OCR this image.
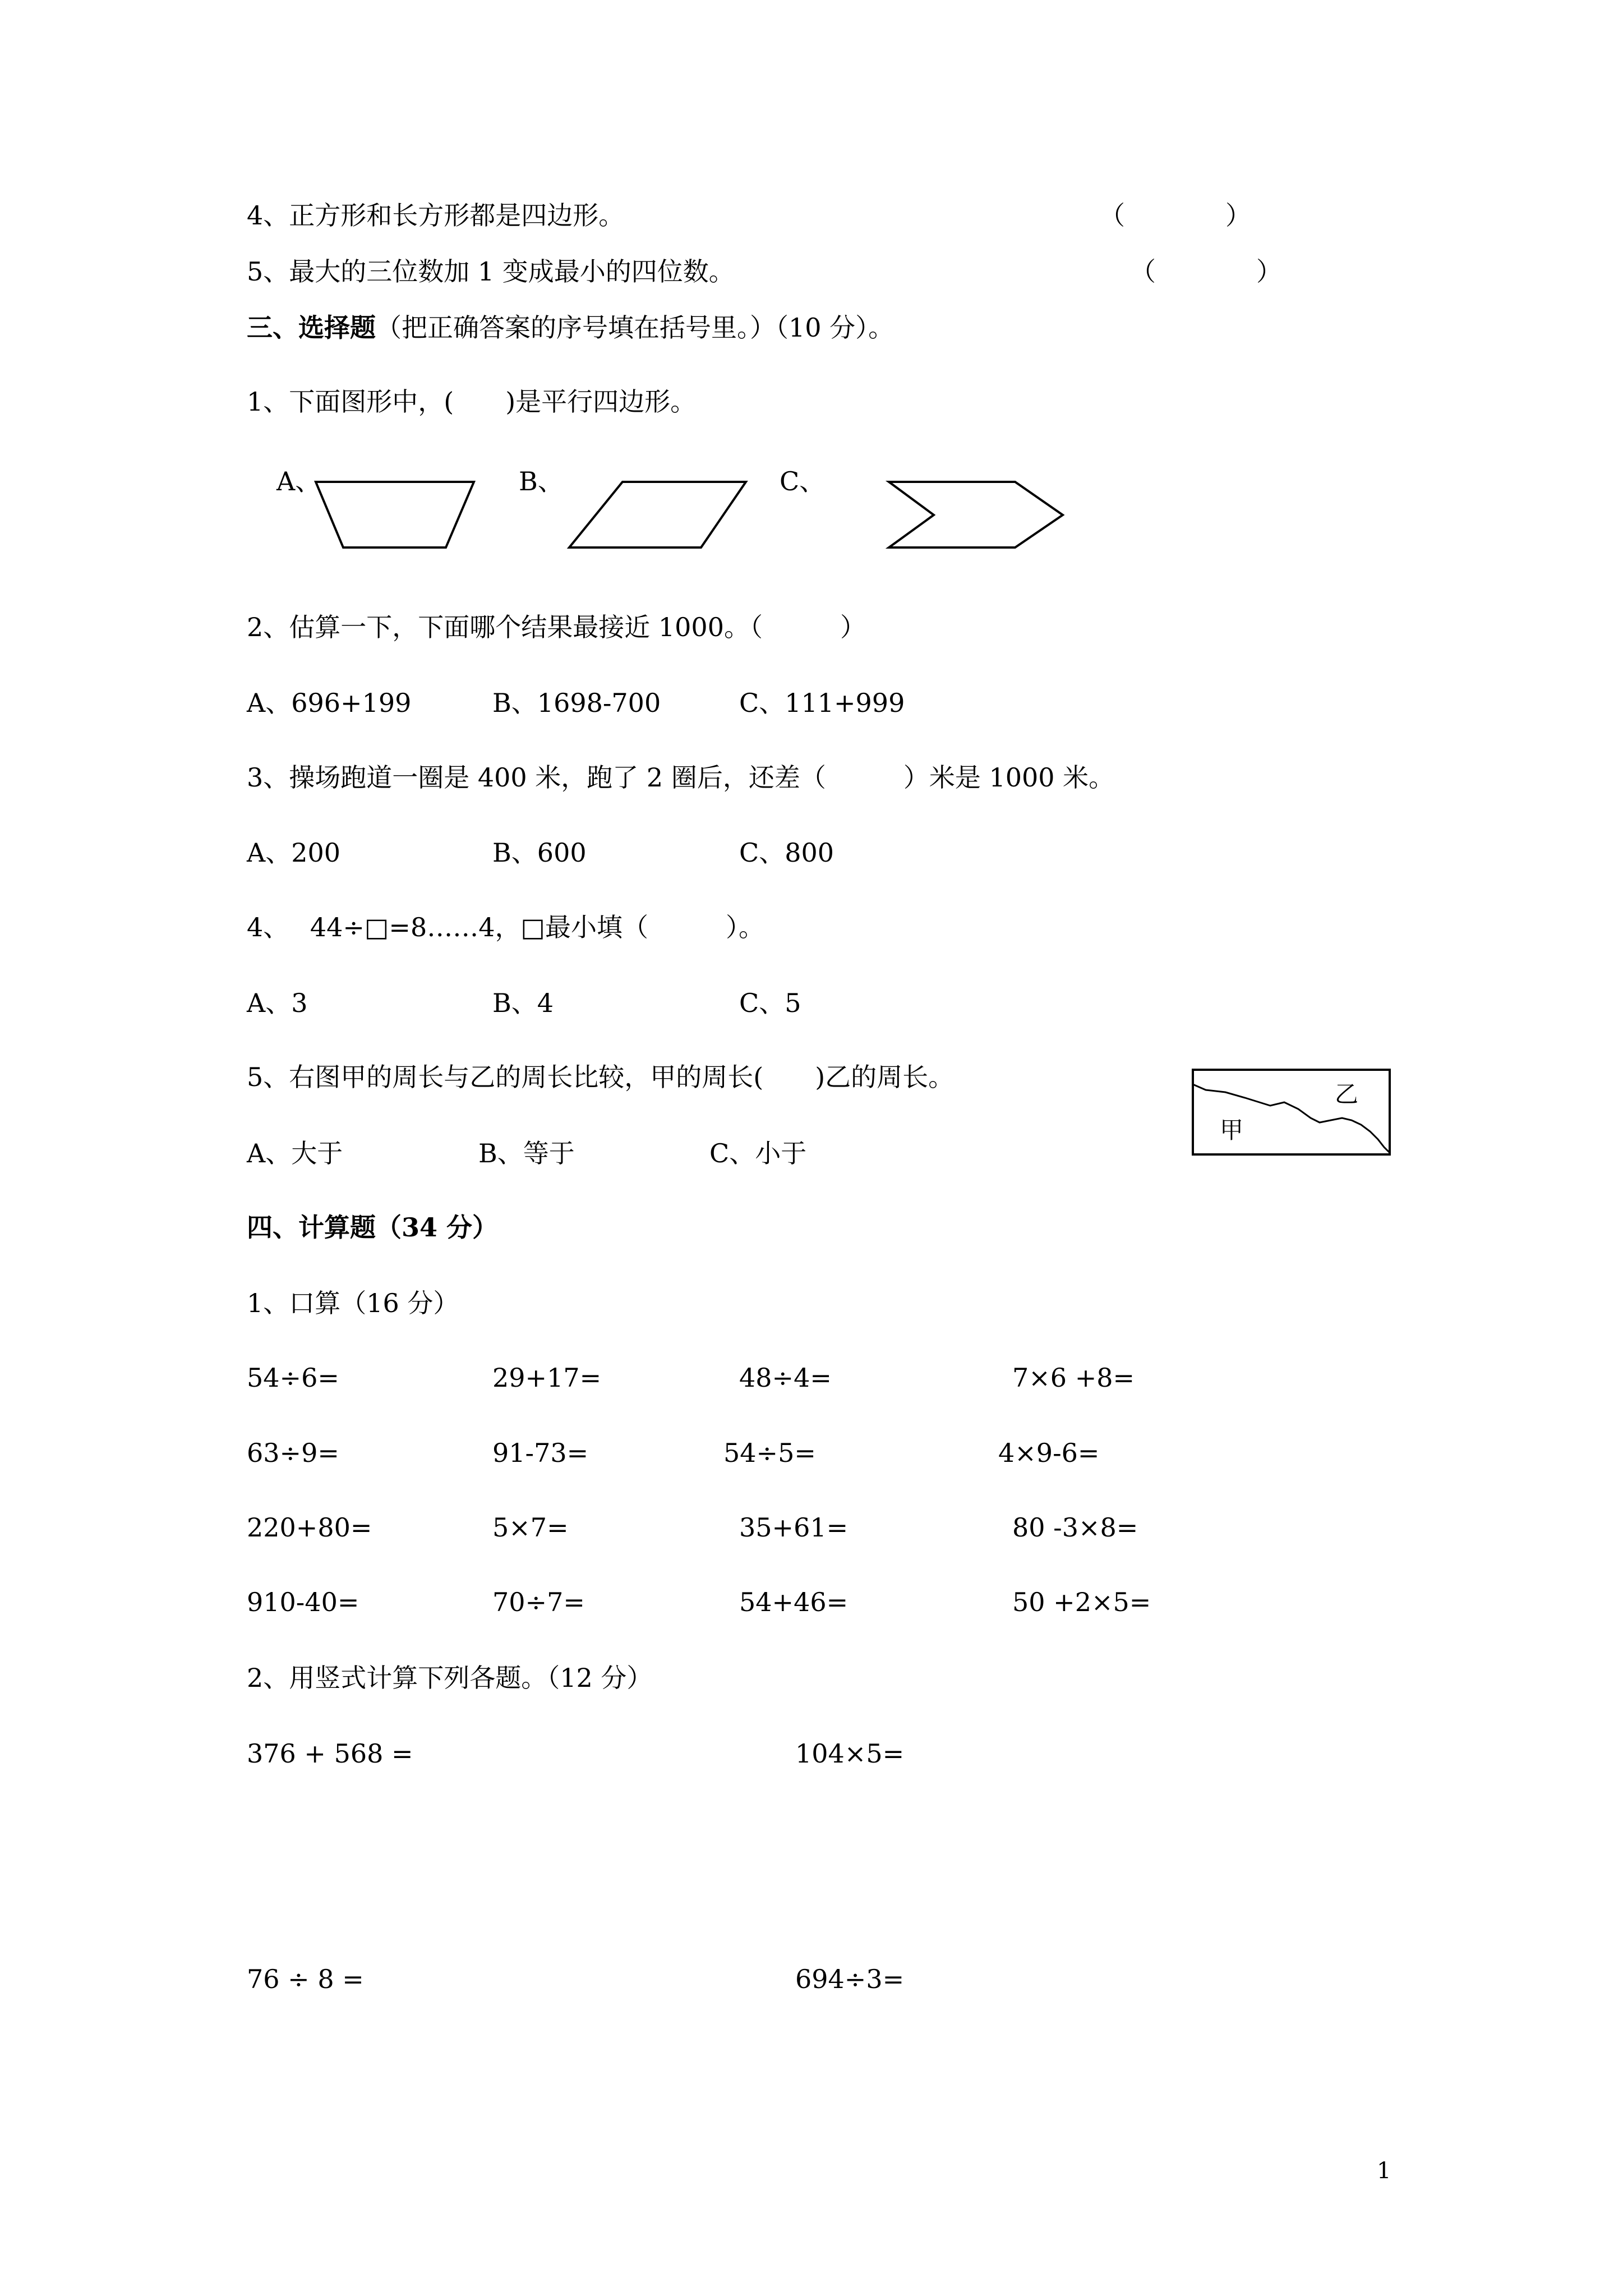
4、正方形和长方形都是四边形。	（	）
5、最大的三位数加 1 变成最小的四位数。	（	）
三、选择题（把正确答案的序号填在括号里。）（10 分）。
1、下面图形中，(　　)是平行四边形。
A、	B、	C、
2、估算一下，下面哪个结果最接近 1000。（　　　）
A、696+199	B、1698-700	C、111+999
3、操场跑道一圈是 400 米，跑了 2 圈后，还差（　　　）米是 1000 米。
A、200	B、600	C、800
4、　 44÷□=8……4，□最小填（　　　）。
A、3	B、4	C、5
5、右图甲的周长与乙的周长比较，甲的周长(　　)乙的周长。
A、大于	B、等于	C、小于
乙
甲
四、计算题（34 分）
1、口算（16 分）
54÷6=	29+17=	48÷4=	7×6 +8=
63÷9=	91-73=	54÷5=	4×9-6=
220+80=	5×7=	35+61=	80 -3×8=
910-40=	70÷7=	54+46=	50 +2×5=
2、用竖式计算下列各题。（12 分）
376 + 568 =	104×5=
76 ÷ 8 =	694÷3=
1
